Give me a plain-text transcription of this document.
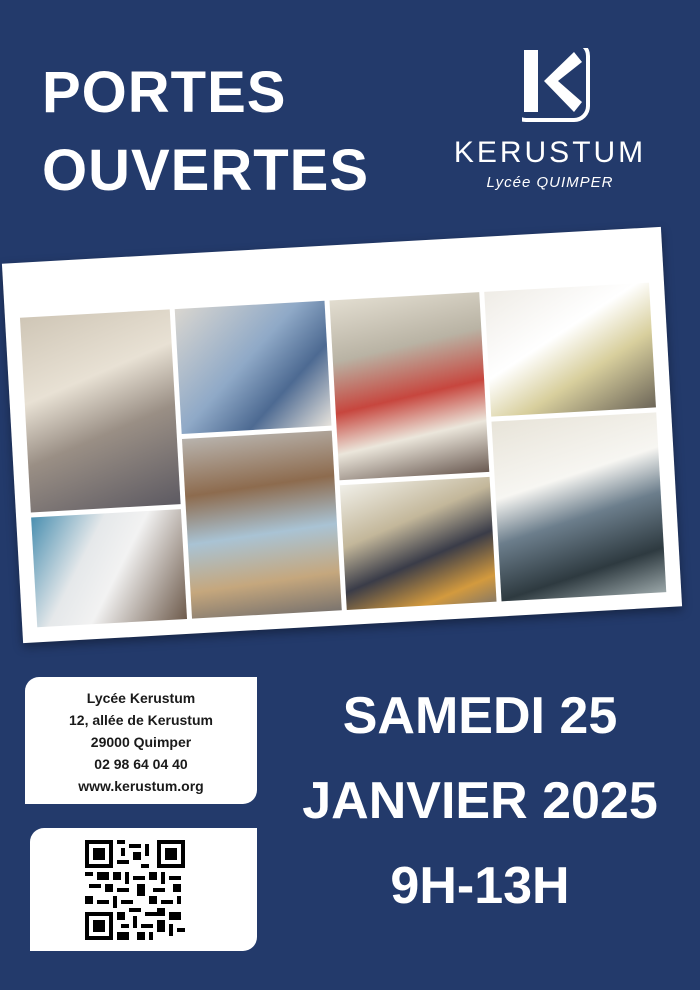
PORTES
OUVERTES	KERUSTUM
Lycée QUIMPER
Lycée Kerustum
12, allée de Kerustum
29000 Quimper
02 98 64 04 40
www.kerustum.org
SAMEDI 25
JANVIER 2025
9H-13H
